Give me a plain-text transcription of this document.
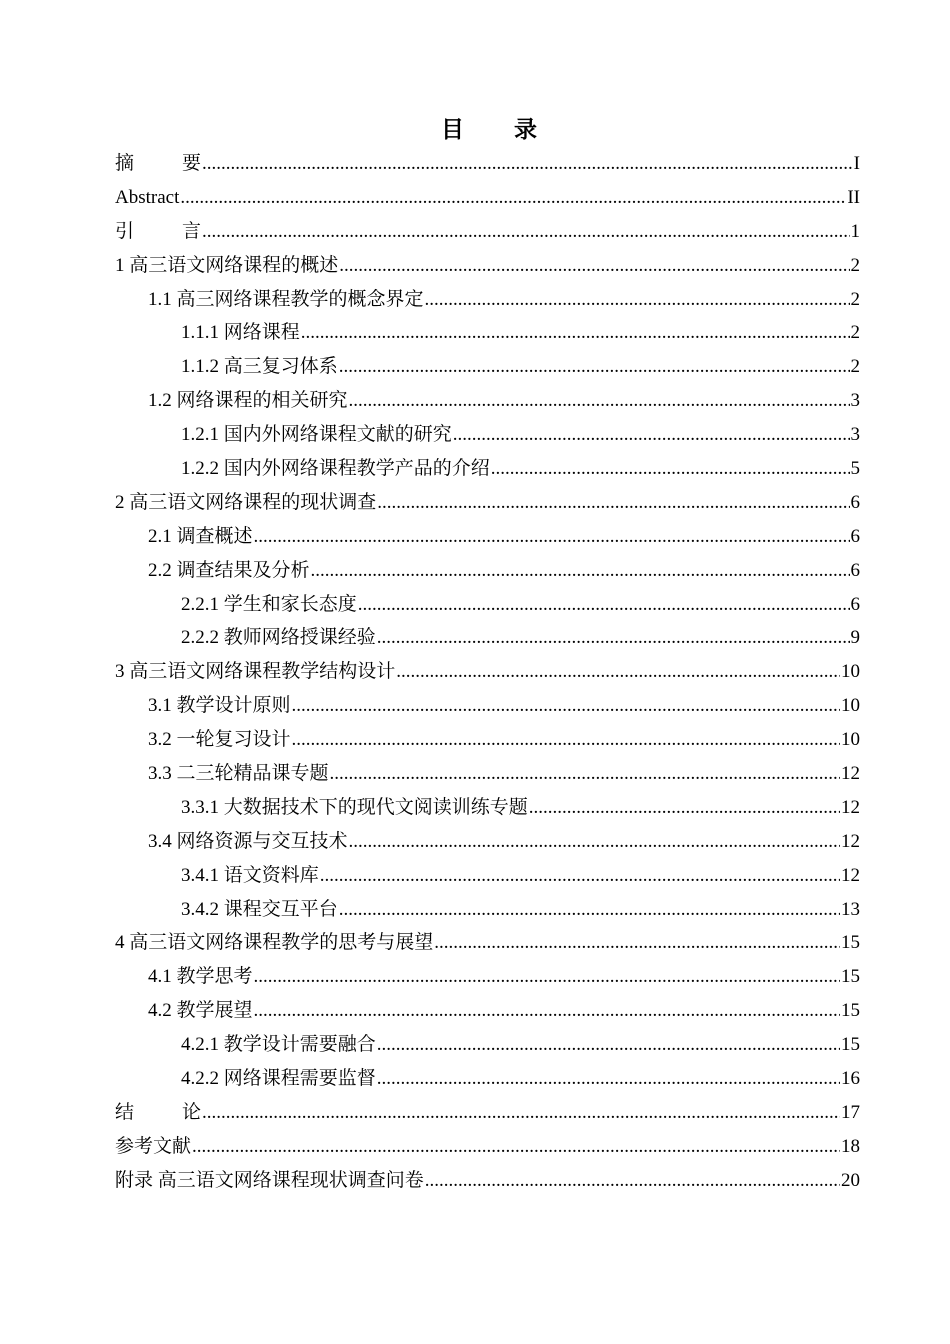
目 录
摘	要 .....	I
Abstract .....	II
引	言 .....	1
1 高三语文网络课程的概述 .....	2
1.1 高三网络课程教学的概念界定 .....	2
1.1.1 网络课程 .....	2
1.1.2 高三复习体系 .....	2
1.2 网络课程的相关研究 .....	3
1.2.1 国内外网络课程文献的研究 .....	3
1.2.2 国内外网络课程教学产品的介绍 .....	5
2 高三语文网络课程的现状调查 .....	6
2.1 调查概述 .....	6
2.2 调查结果及分析 .....	6
2.2.1 学生和家长态度 .....	6
2.2.2 教师网络授课经验 .....	9
3 高三语文网络课程教学结构设计 .....	10
3.1 教学设计原则 .....	10
3.2 一轮复习设计 .....	10
3.3 二三轮精品课专题 .....	12
3.3.1 大数据技术下的现代文阅读训练专题 .....	12
3.4 网络资源与交互技术 .....	12
3.4.1 语文资料库 .....	12
3.4.2 课程交互平台 .....	13
4 高三语文网络课程教学的思考与展望 .....	15
4.1 教学思考 .....	15
4.2 教学展望 .....	15
4.2.1 教学设计需要融合 .....	15
4.2.2 网络课程需要监督 .....	16
结	论 .....	17
参考文献 .....	18
附录 高三语文网络课程现状调查问卷 .....	20
